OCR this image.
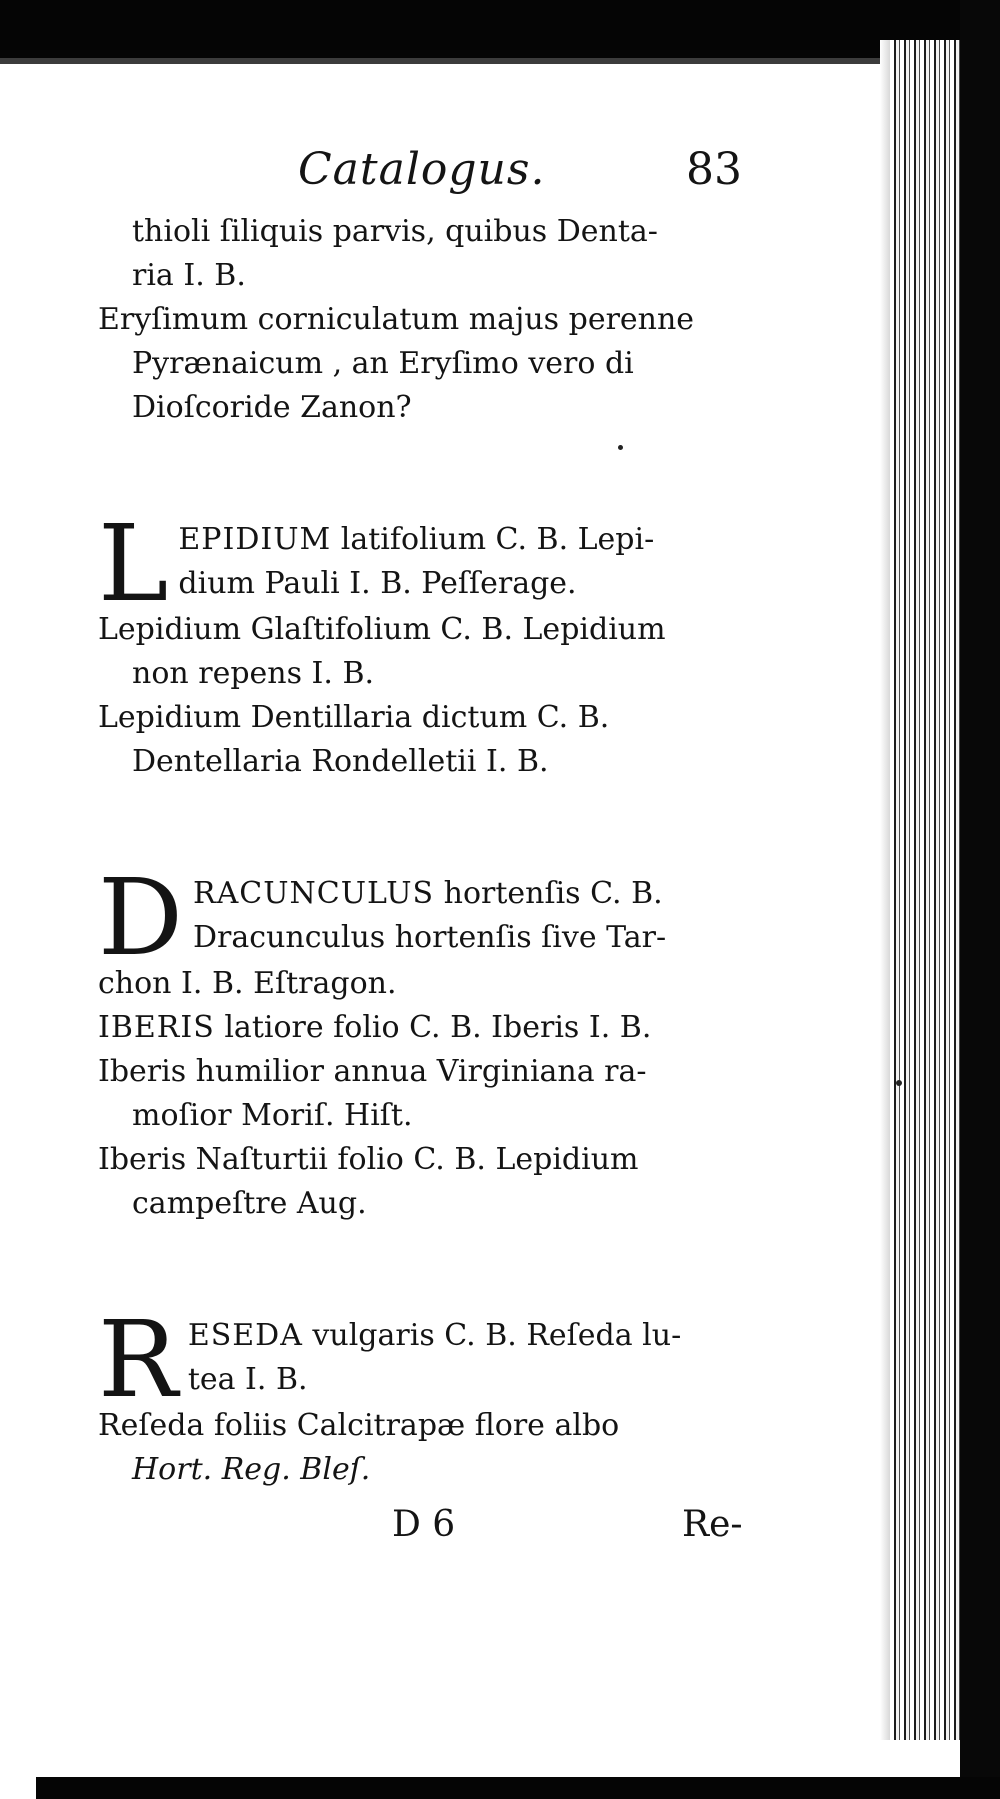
Catalogus.	83

thioli ſiliquis parvis, quibus Denta-
ria I. B.

Eryſimum corniculatum majus perenne
Pyrænaicum , an Eryſimo vero di
Dioſcoride Zanon?

L EPIDIUM latifolium C. B. Lepi-
dium Pauli I. B. Peſſerage.

Lepidium Glaſtifolium C. B. Lepidium
non repens I. B.

Lepidium Dentillaria dictum C. B.
Dentellaria Rondelletii I. B.

D RACUNCULUS hortenſis C. B.
Dracunculus hortenſis ſive Tar-
chon I. B. Eſtragon.

IBERIS latiore folio C. B. Iberis I. B.

Iberis humilior annua Virginiana ra-
moſior Moriſ. Hiſt.

Iberis Naſturtii folio C. B. Lepidium
campeſtre Aug.

R ESEDA vulgaris C. B. Reſeda lu-
tea I. B.

Reſeda foliis Calcitrapæ flore albo
Hort. Reg. Bleſ.

D 6	Re-
